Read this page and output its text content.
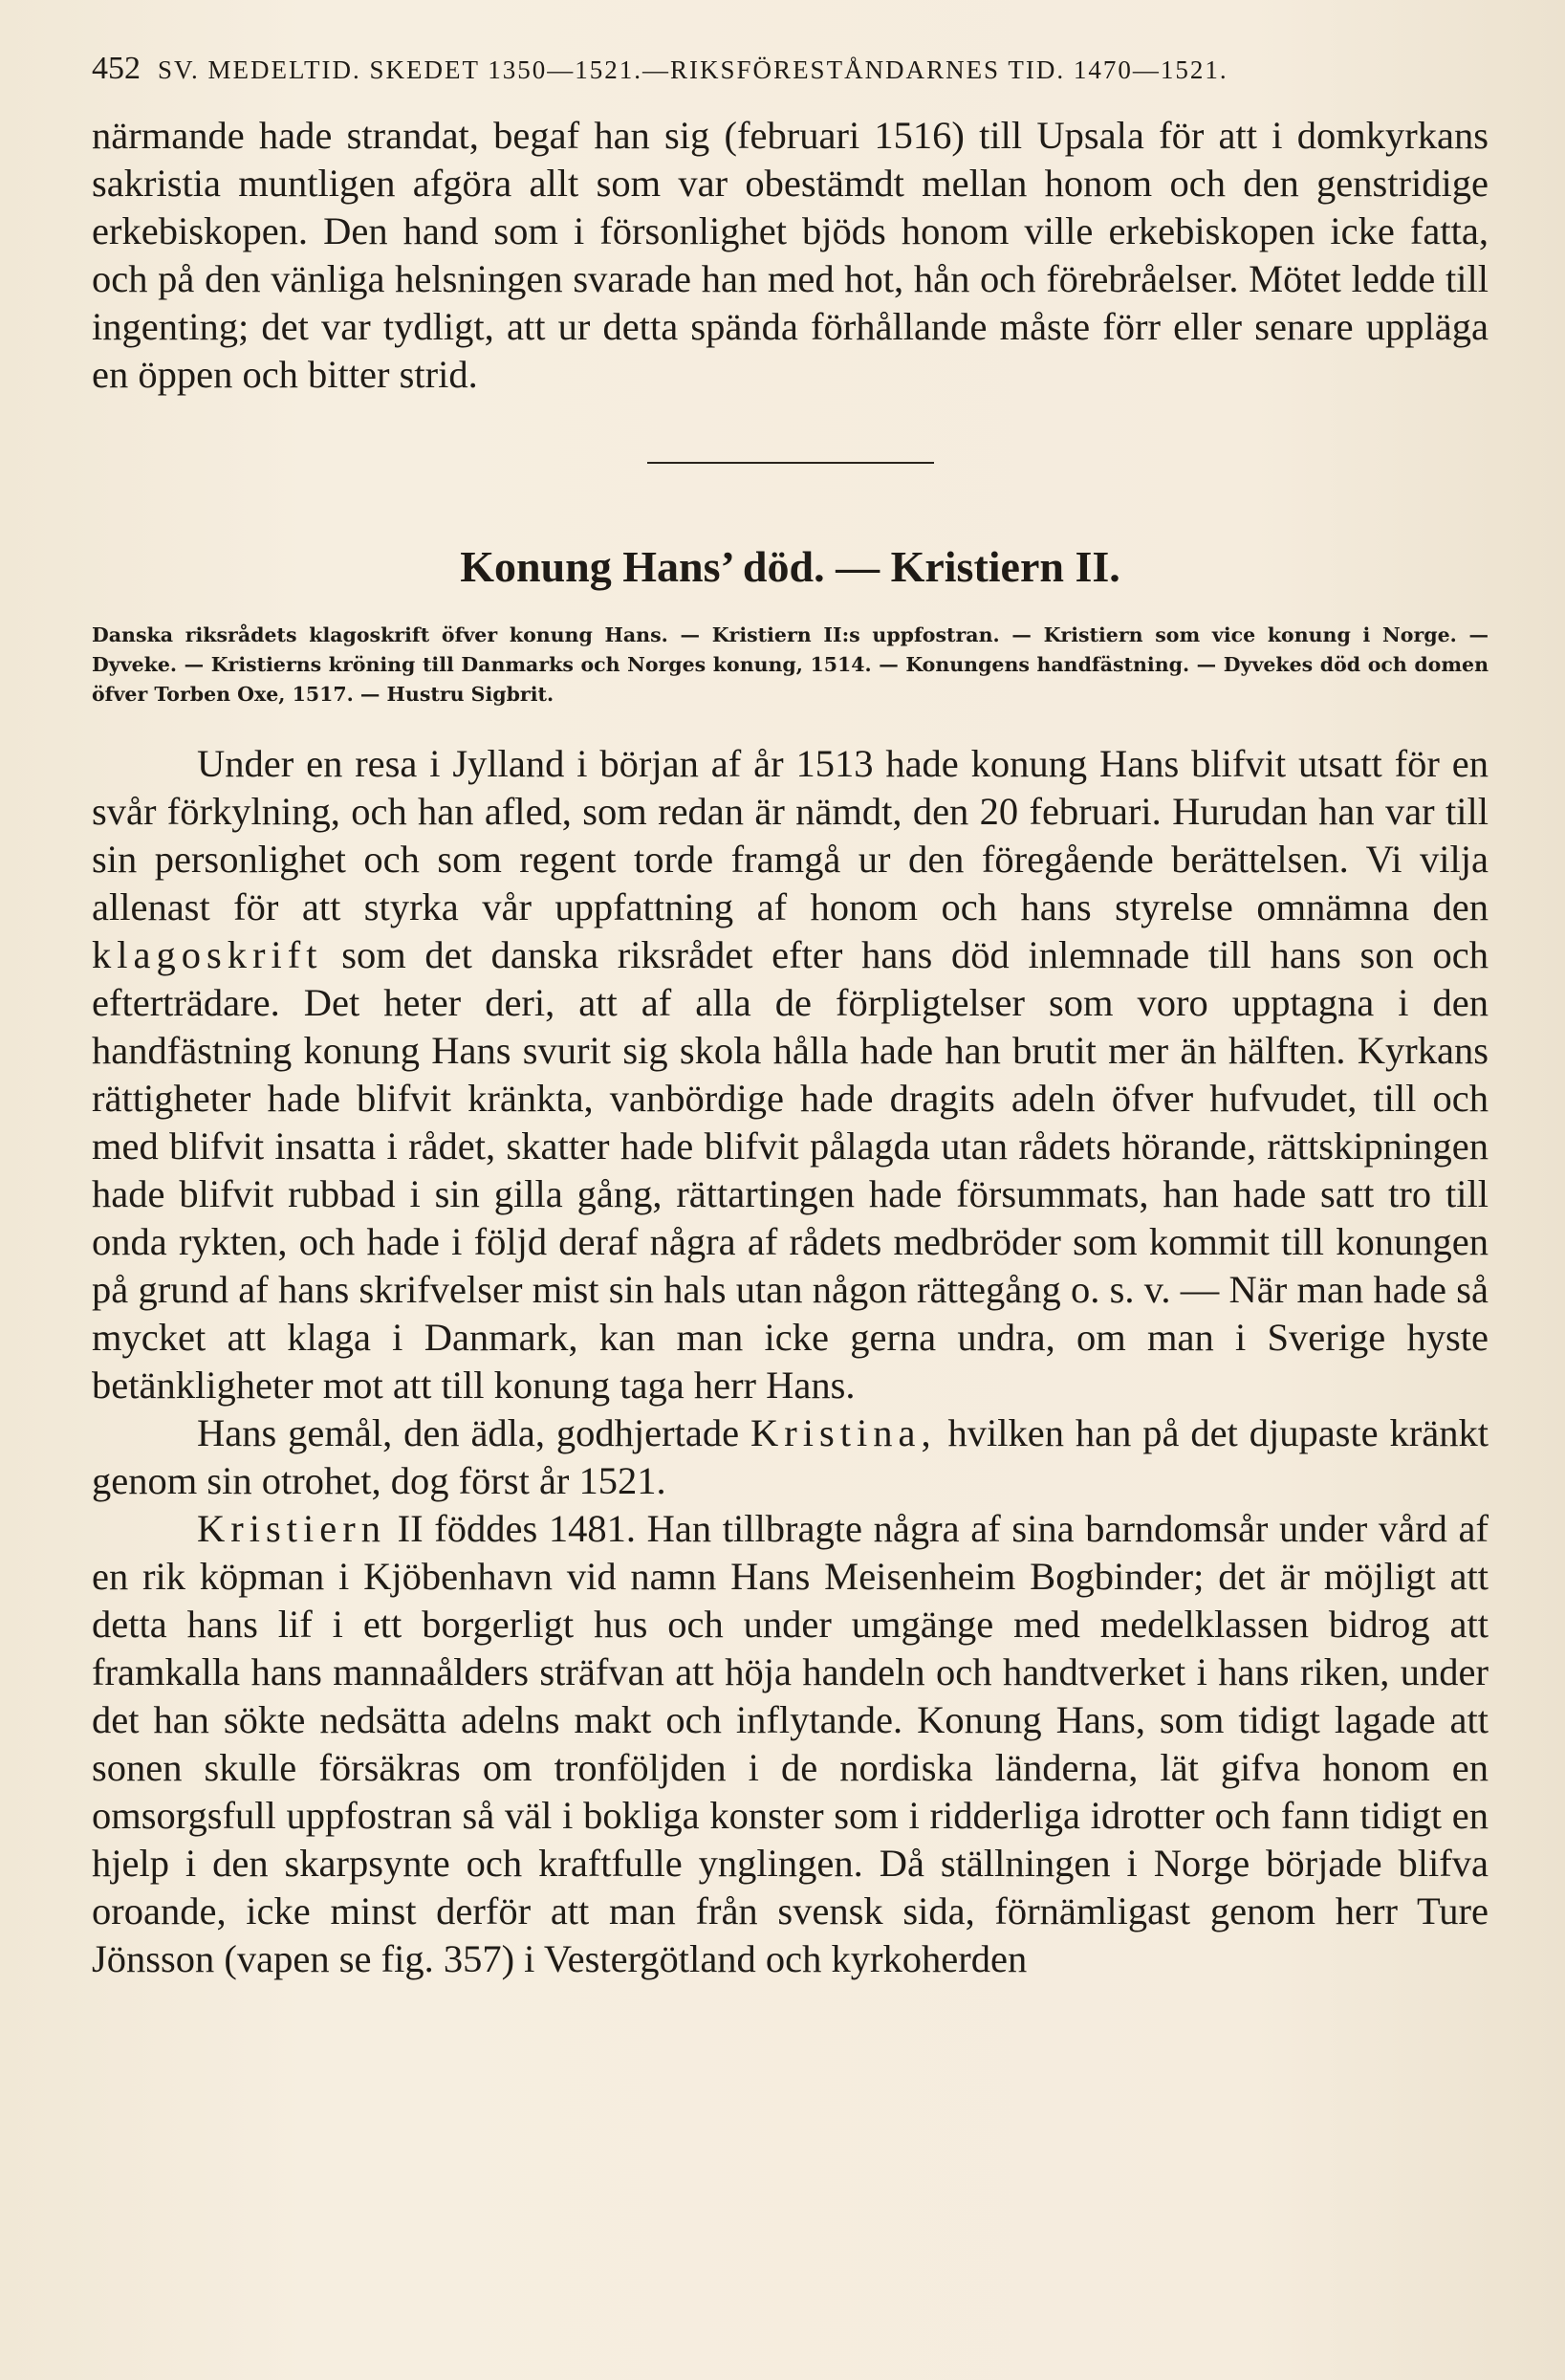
452 SV. MEDELTID. SKEDET 1350—1521.—RIKSFÖRESTÅNDARNES TID. 1470—1521.

närmande hade strandat, begaf han sig (februari 1516) till Upsala för att i domkyrkans sakristia muntligen afgöra allt som var obestämdt mellan honom och den genstridige erkebiskopen. Den hand som i försonlighet bjöds honom ville erkebiskopen icke fatta, och på den vänliga helsningen svarade han med hot, hån och förebråelser. Mötet ledde till ingenting; det var tydligt, att ur detta spända förhållande måste förr eller senare uppläga en öppen och bitter strid.

Konung Hans’ död. — Kristiern II.

Danska riksrådets klagoskrift öfver konung Hans. — Kristiern II:s uppfostran. — Kristiern som vice konung i Norge. — Dyveke. — Kristierns kröning till Danmarks och Norges konung, 1514. — Konungens handfästning. — Dyvekes död och domen öfver Torben Oxe, 1517. — Hustru Sigbrit.

Under en resa i Jylland i början af år 1513 hade konung Hans blifvit utsatt för en svår förkylning, och han afled, som redan är nämdt, den 20 februari. Hurudan han var till sin personlighet och som regent torde framgå ur den föregående berättelsen. Vi vilja allenast för att styrka vår uppfattning af honom och hans styrelse omnämna den klagoskrift som det danska riksrådet efter hans död inlemnade till hans son och efterträdare. Det heter deri, att af alla de förpligtelser som voro upptagna i den handfästning konung Hans svurit sig skola hålla hade han brutit mer än hälften. Kyrkans rättigheter hade blifvit kränkta, vanbördige hade dragits adeln öfver hufvudet, till och med blifvit insatta i rådet, skatter hade blifvit pålagda utan rådets hörande, rättskipningen hade blifvit rubbad i sin gilla gång, rättartingen hade försummats, han hade satt tro till onda rykten, och hade i följd deraf några af rådets medbröder som kommit till konungen på grund af hans skrifvelser mist sin hals utan någon rättegång o. s. v. — När man hade så mycket att klaga i Danmark, kan man icke gerna undra, om man i Sverige hyste betänkligheter mot att till konung taga herr Hans.

Hans gemål, den ädla, godhjertade Kristina, hvilken han på det djupaste kränkt genom sin otrohet, dog först år 1521.

Kristiern II föddes 1481. Han tillbragte några af sina barndomsår under vård af en rik köpman i Kjöbenhavn vid namn Hans Meisenheim Bogbinder; det är möjligt att detta hans lif i ett borgerligt hus och under umgänge med medelklassen bidrog att framkalla hans mannaålders sträfvan att höja handeln och handtverket i hans riken, under det han sökte nedsätta adelns makt och inflytande. Konung Hans, som tidigt lagade att sonen skulle försäkras om tronföljden i de nordiska länderna, lät gifva honom en omsorgsfull uppfostran så väl i bokliga konster som i ridderliga idrotter och fann tidigt en hjelp i den skarpsynte och kraftfulle ynglingen. Då ställningen i Norge började blifva oroande, icke minst derför att man från svensk sida, förnämligast genom herr Ture Jönsson (vapen se fig. 357) i Vestergötland och kyrkoherden
